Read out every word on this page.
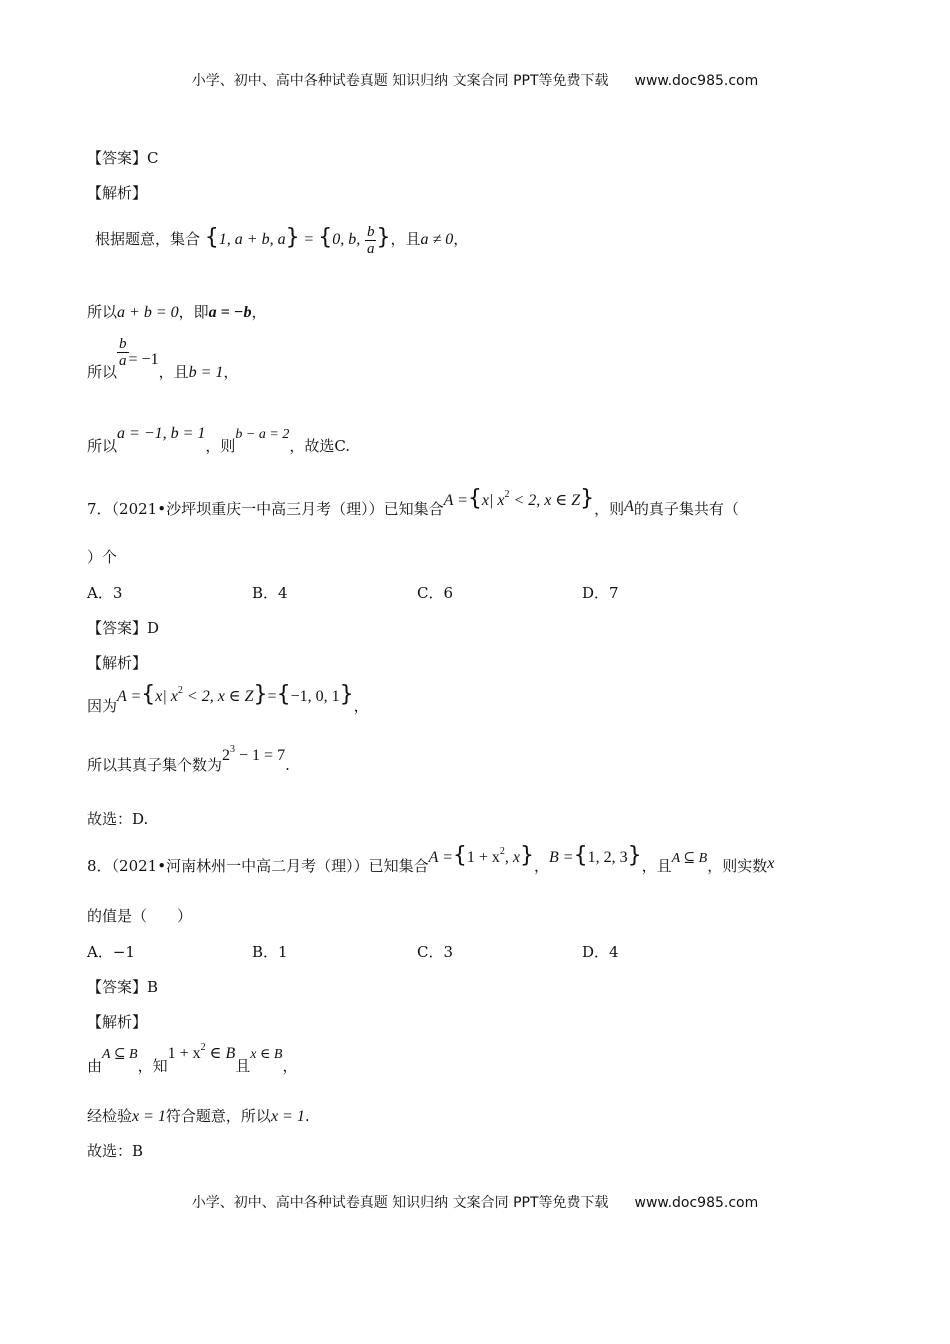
小学、初中、高中各种试卷真题 知识归纳 文案合同 PPT等免费下载 www.doc985.com
【答案】C
【解析】
根据题意，集合 {1, a + b, a} = {0, b, $\frac{b}{a}$ }，且a ≠ 0，
所以a + b = 0，即a = −b，
所以
$\frac{b}{a} = -1$，且b = 1，
所以a = −1, b = 1，则b − a = 2，故选C.
7．（2021•沙坪坝重庆一中高三月考（理））已知集合A ={x| $x^2 < 2$, x ∈ Z}，则A的真子集共有（
）个
A．3	B．4	C．6	D．7
【答案】D
【解析】
因为A ={x| $x^2 < 2$, x ∈ Z}={−1, 0, 1}，
所以其真子集个数为$2^3 - 1 = 7$.
故选：D.
8．（2021•河南林州一中高二月考（理））已知集合$A =\{1 + x^2$, x}，B ={1, 2, 3}，且A ⊆ B，则实数x
的值是（　　）
A．−1	B．1	C．3	D．4
【答案】B
【解析】
由A ⊆ B，知$1 + x^2$ ∈ B且x ∈ B，
经检验x = 1符合题意，所以x = 1.
故选：B
小学、初中、高中各种试卷真题 知识归纳 文案合同 PPT等免费下载 www.doc985.com
